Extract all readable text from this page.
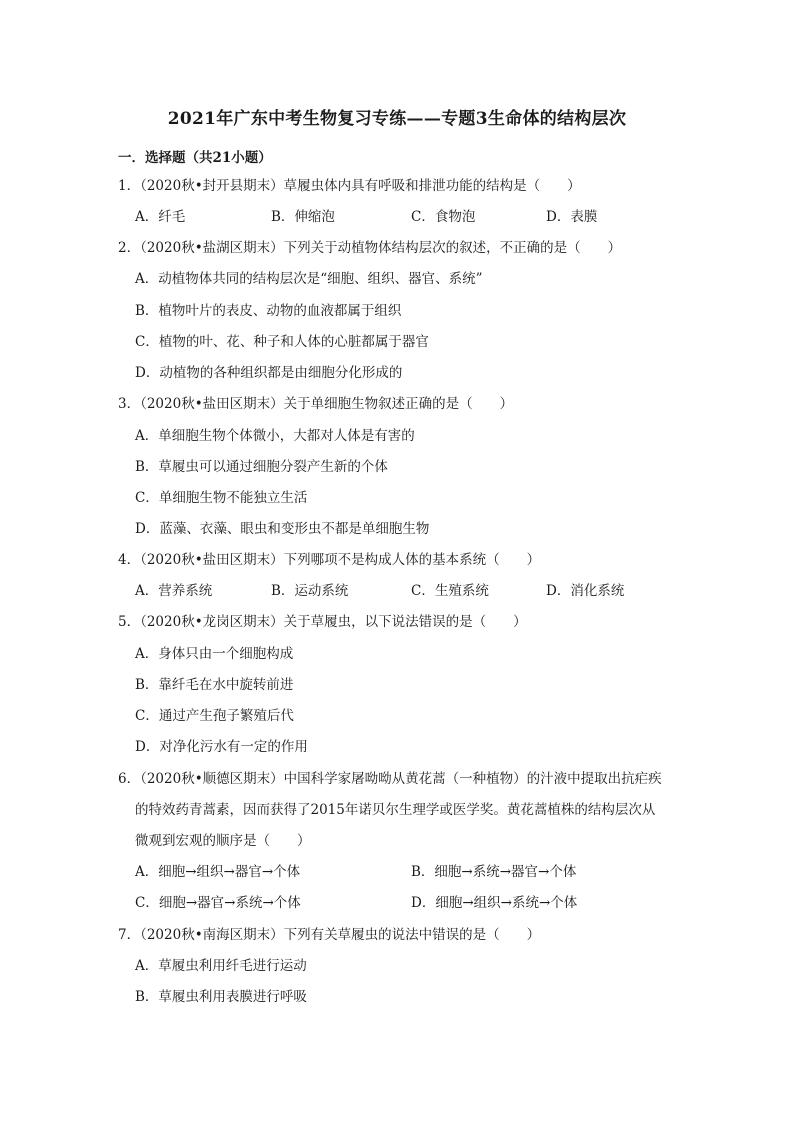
2021年广东中考生物复习专练——专题3生命体的结构层次
一．选择题（共21小题）
1．（2020秋•封开县期末）草履虫体内具有呼吸和排泄功能的结构是（　　）
A．纤毛	B．伸缩泡	C．食物泡	D．表膜
2．（2020秋•盐湖区期末）下列关于动植物体结构层次的叙述，不正确的是（　　）
A．动植物体共同的结构层次是“细胞、组织、器官、系统”
B．植物叶片的表皮、动物的血液都属于组织
C．植物的叶、花、种子和人体的心脏都属于器官
D．动植物的各种组织都是由细胞分化形成的
3．（2020秋•盐田区期末）关于单细胞生物叙述正确的是（　　）
A．单细胞生物个体微小，大都对人体是有害的
B．草履虫可以通过细胞分裂产生新的个体
C．单细胞生物不能独立生活
D．蓝藻、衣藻、眼虫和变形虫不都是单细胞生物
4．（2020秋•盐田区期末）下列哪项不是构成人体的基本系统（　　）
A．营养系统	B．运动系统	C．生殖系统	D．消化系统
5．（2020秋•龙岗区期末）关于草履虫，以下说法错误的是（　　）
A．身体只由一个细胞构成
B．靠纤毛在水中旋转前进
C．通过产生孢子繁殖后代
D．对净化污水有一定的作用
6．（2020秋•顺德区期末）中国科学家屠呦呦从黄花蒿（一种植物）的汁液中提取出抗疟疾
的特效药青蒿素，因而获得了2015年诺贝尔生理学或医学奖。黄花蒿植株的结构层次从
微观到宏观的顺序是（　　）
A．细胞→组织→器官→个体	B．细胞→系统→器官→个体
C．细胞→器官→系统→个体	D．细胞→组织→系统→个体
7．（2020秋•南海区期末）下列有关草履虫的说法中错误的是（　　）
A．草履虫利用纤毛进行运动
B．草履虫利用表膜进行呼吸
